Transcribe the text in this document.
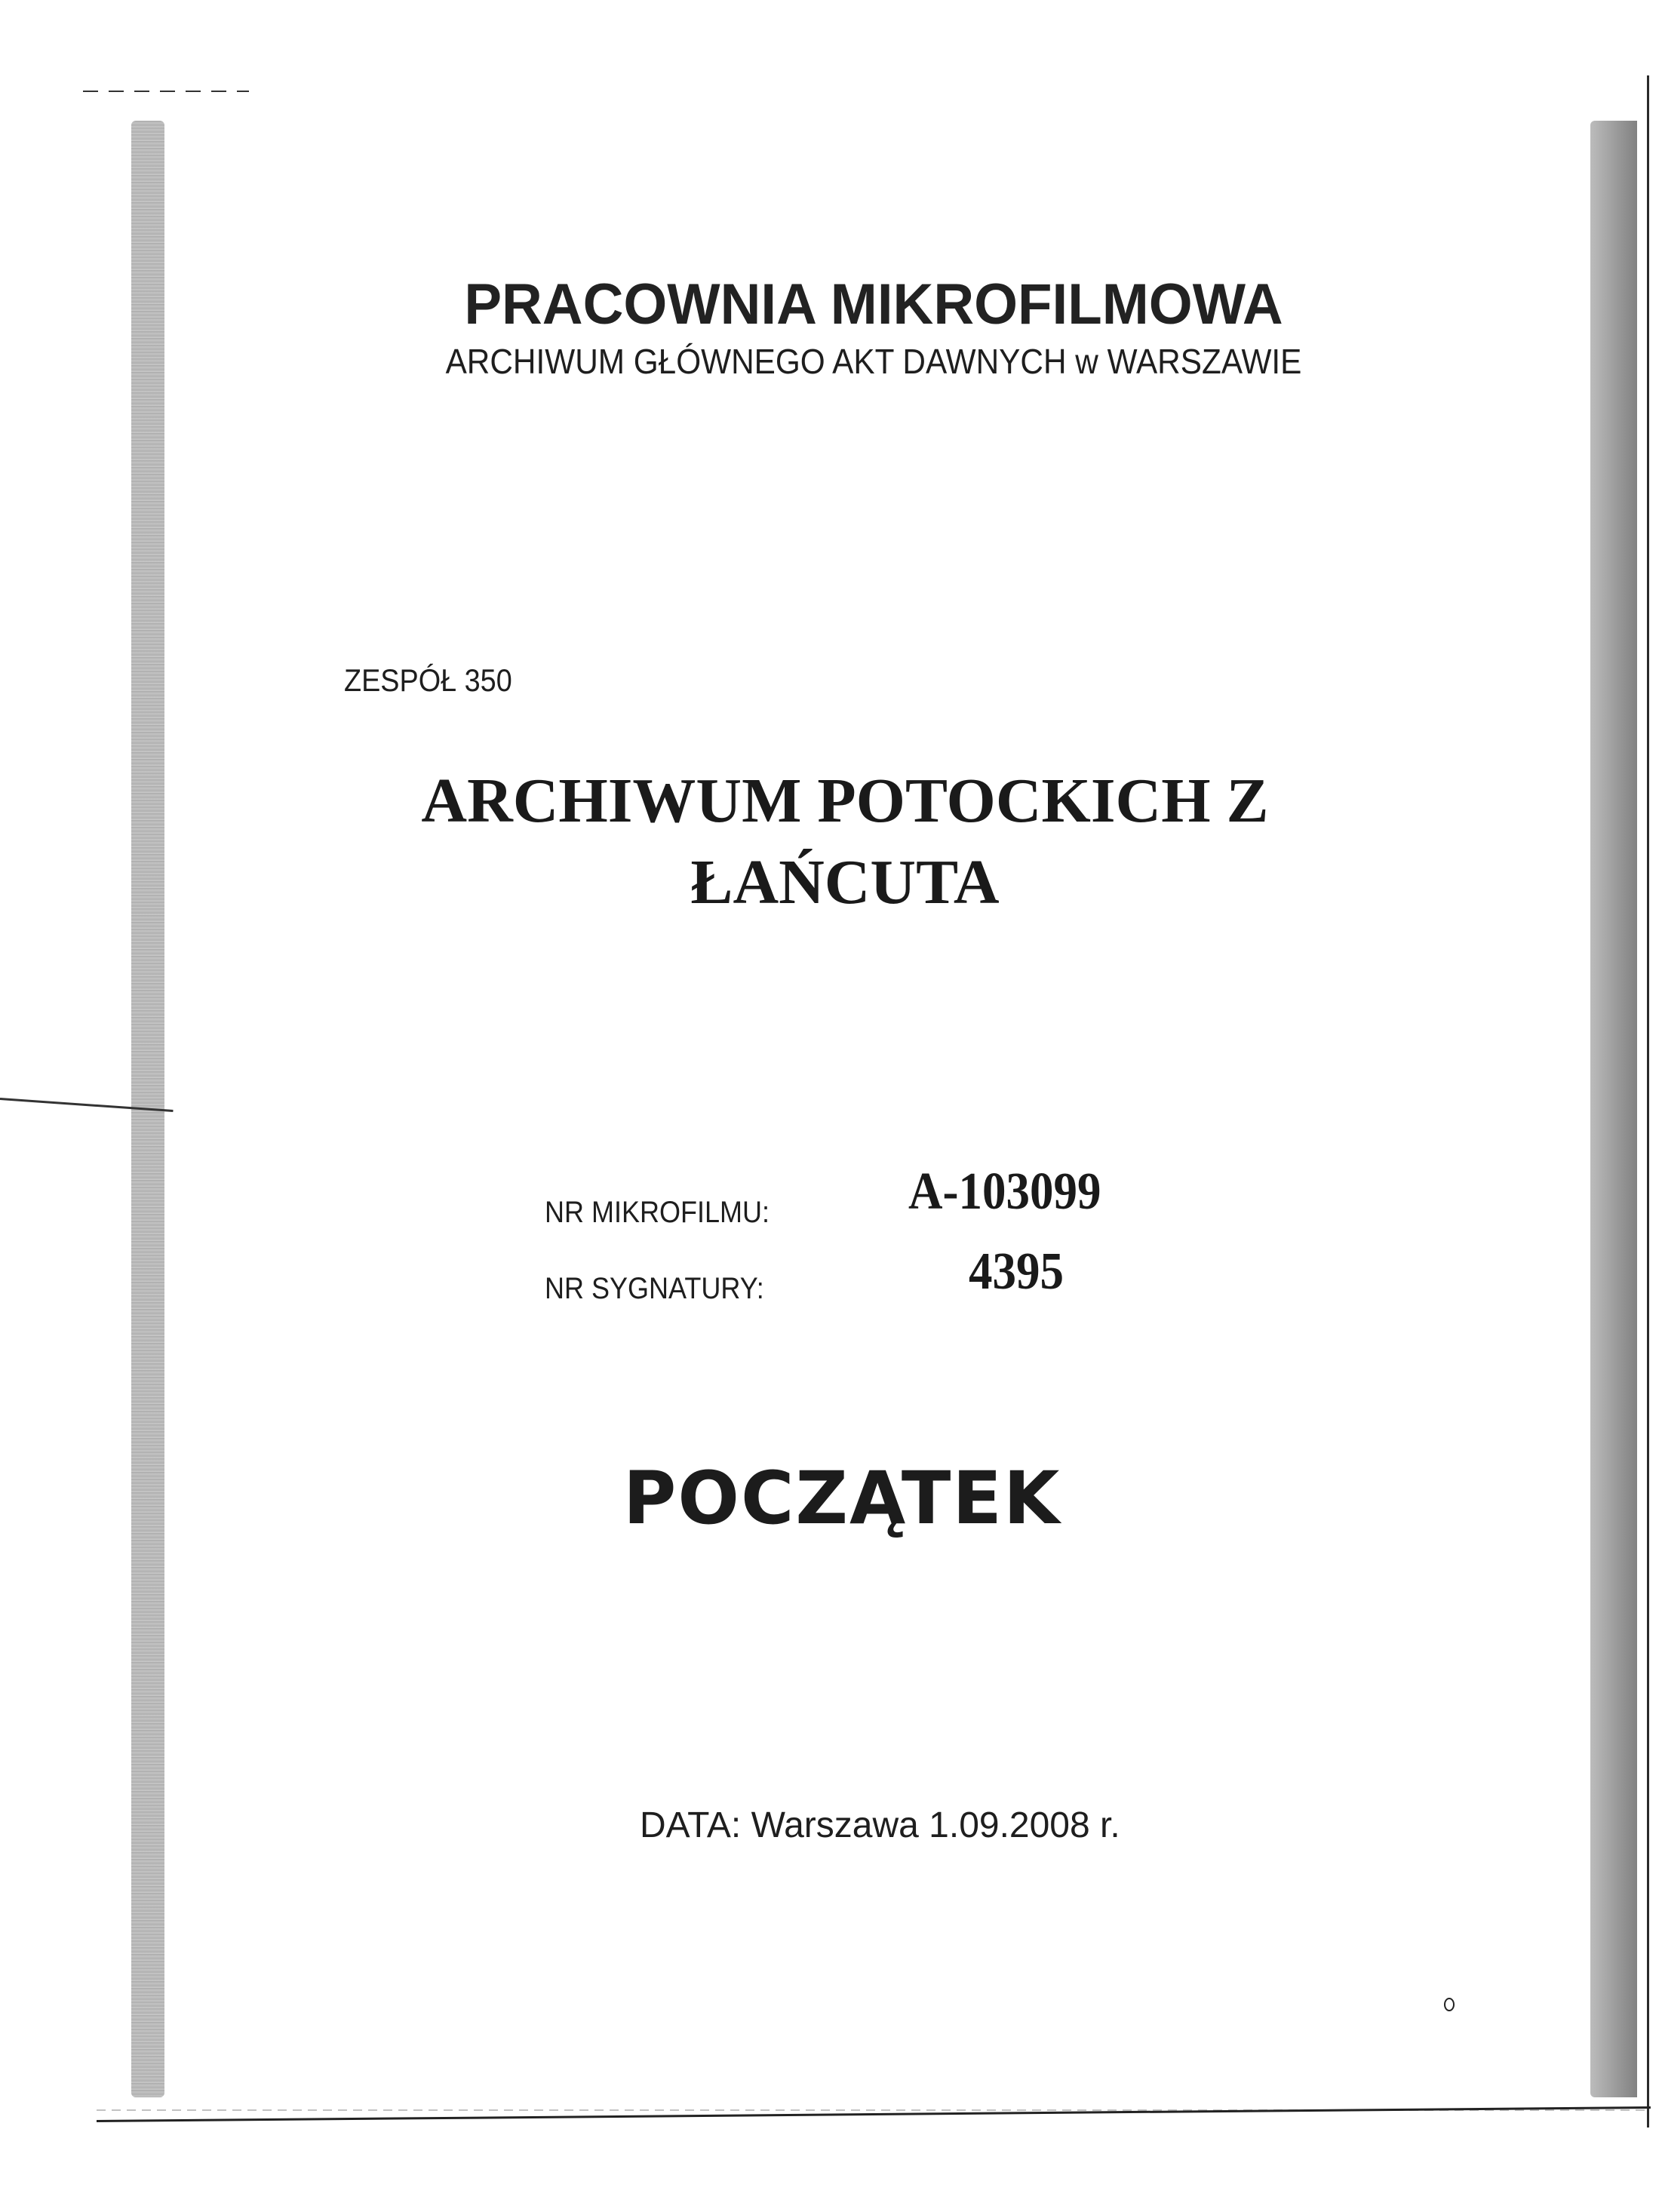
PRACOWNIA MIKROFILMOWA
ARCHIWUM GŁÓWNEGO AKT DAWNYCH w WARSZAWIE
ZESPÓŁ 350
ARCHIWUM POTOCKICH Z
ŁAŃCUTA
NR MIKROFILMU:	A-103099
NR SYGNATURY:	4395
POCZĄTEK
DATA: Warszawa 1.09.2008 r.
